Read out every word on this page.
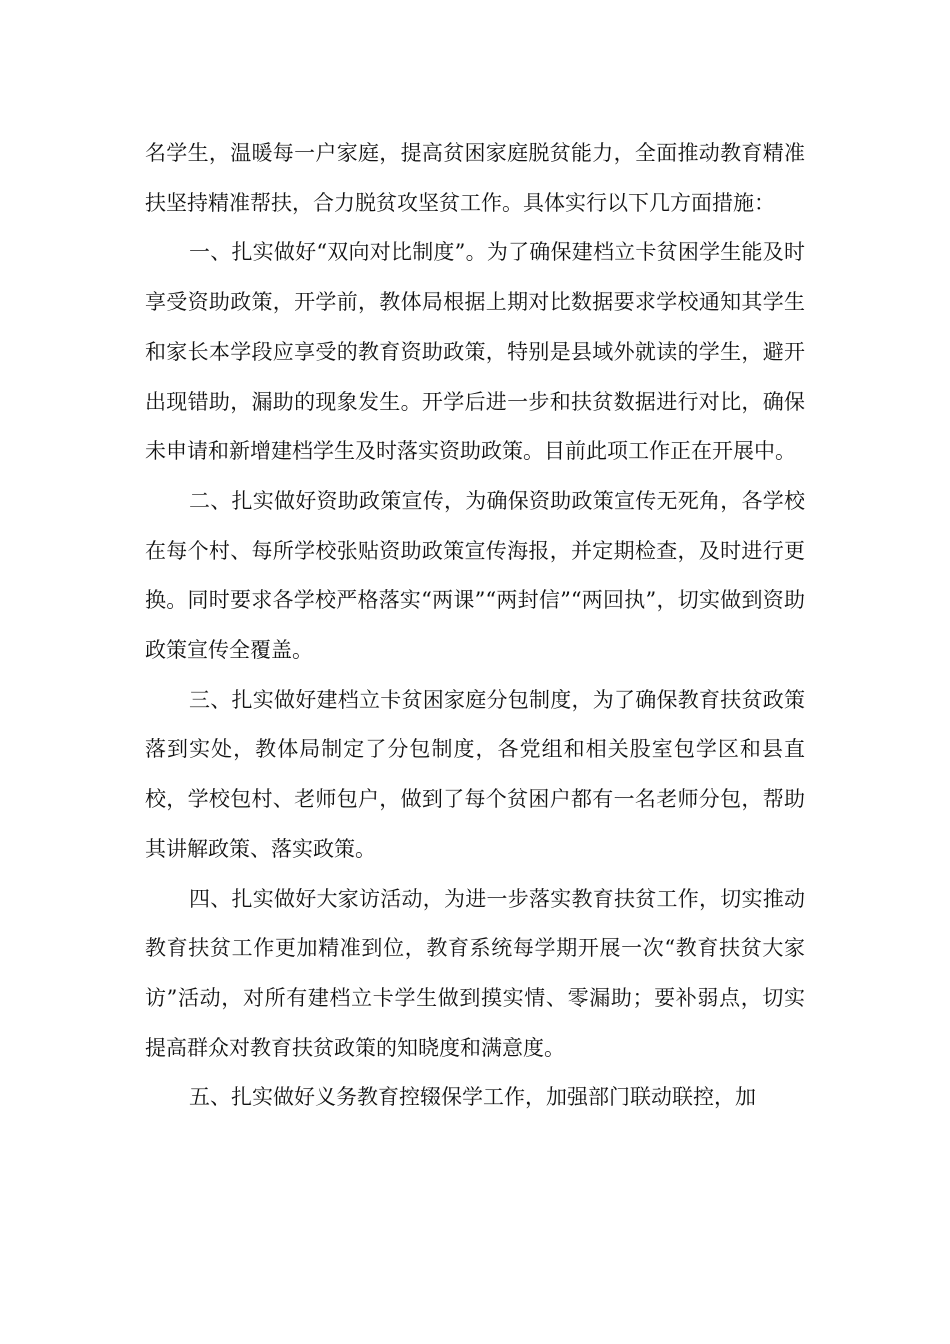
名学生，温暖每一户家庭，提高贫困家庭脱贫能力，全面推动教育精准扶坚持精准帮扶，合力脱贫攻坚贫工作。具体实行以下几方面措施：

一、扎实做好“双向对比制度”。为了确保建档立卡贫困学生能及时享受资助政策，开学前，教体局根据上期对比数据要求学校通知其学生和家长本学段应享受的教育资助政策，特别是县域外就读的学生，避开出现错助，漏助的现象发生。开学后进一步和扶贫数据进行对比，确保未申请和新增建档学生及时落实资助政策。目前此项工作正在开展中。

二、扎实做好资助政策宣传，为确保资助政策宣传无死角，各学校在每个村、每所学校张贴资助政策宣传海报，并定期检查，及时进行更换。同时要求各学校严格落实“两课”“两封信”“两回执”，切实做到资助政策宣传全覆盖。

三、扎实做好建档立卡贫困家庭分包制度，为了确保教育扶贫政策落到实处，教体局制定了分包制度，各党组和相关股室包学区和县直校，学校包村、老师包户，做到了每个贫困户都有一名老师分包，帮助其讲解政策、落实政策。

四、扎实做好大家访活动，为进一步落实教育扶贫工作，切实推动教育扶贫工作更加精准到位，教育系统每学期开展一次“教育扶贫大家访”活动，对所有建档立卡学生做到摸实情、零漏助；要补弱点，切实提高群众对教育扶贫政策的知晓度和满意度。

五、扎实做好义务教育控辍保学工作，加强部门联动联控，加
